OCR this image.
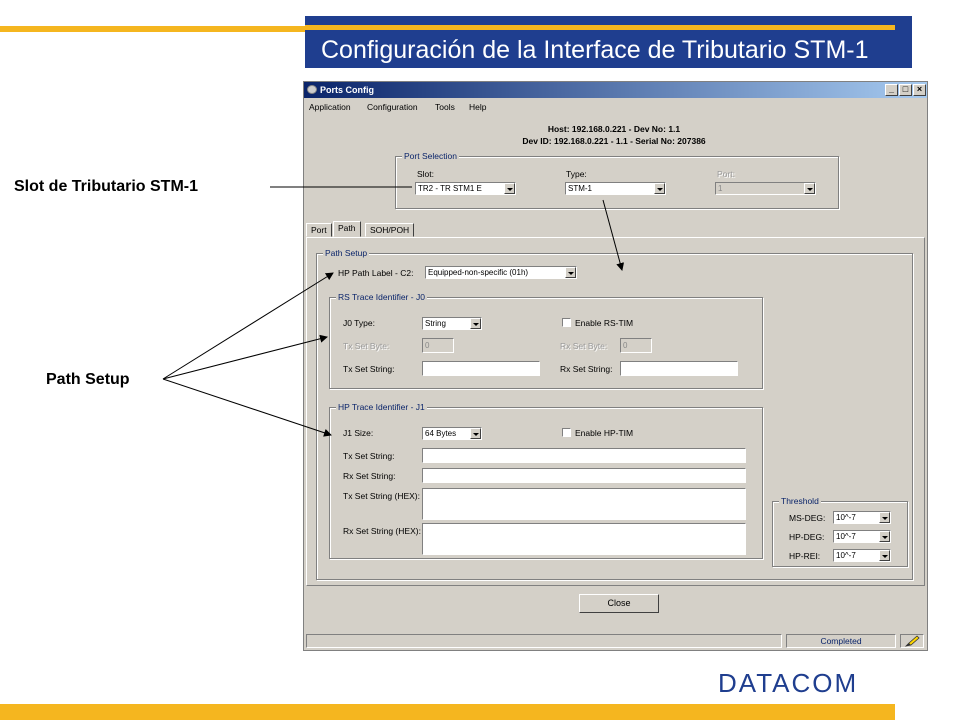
Configuración de la Interface de Tributario STM-1
Slot de Tributario STM-1
Path Setup
Ports Config	_ □ ×
Application Configuration Tools Help
Host: 192.168.0.221 - Dev No: 1.1
Dev ID: 192.168.0.221 - 1.1 - Serial No: 207386
Port Selection
Slot:
TR2 - TR STM1 E
Type:
STM-1
Port:
1
Port	Path	SOH/POH
Path Setup
HP Path Label - C2:	Equipped-non-specific (01h)
RS Trace Identifier - J0
J0 Type:	String	Enable RS-TIM
Tx Set Byte:	0	Rx Set Byte:	0
Tx Set String:	Rx Set String:
HP Trace Identifier - J1
J1 Size:	64 Bytes	Enable HP-TIM
Tx Set String:
Rx Set String:
Tx Set String (HEX):
Rx Set String (HEX):
Threshold
MS-DEG:	10^-7
HP-DEG:	10^-7
HP-REI:	10^-7
Close
Completed
DATACOM
